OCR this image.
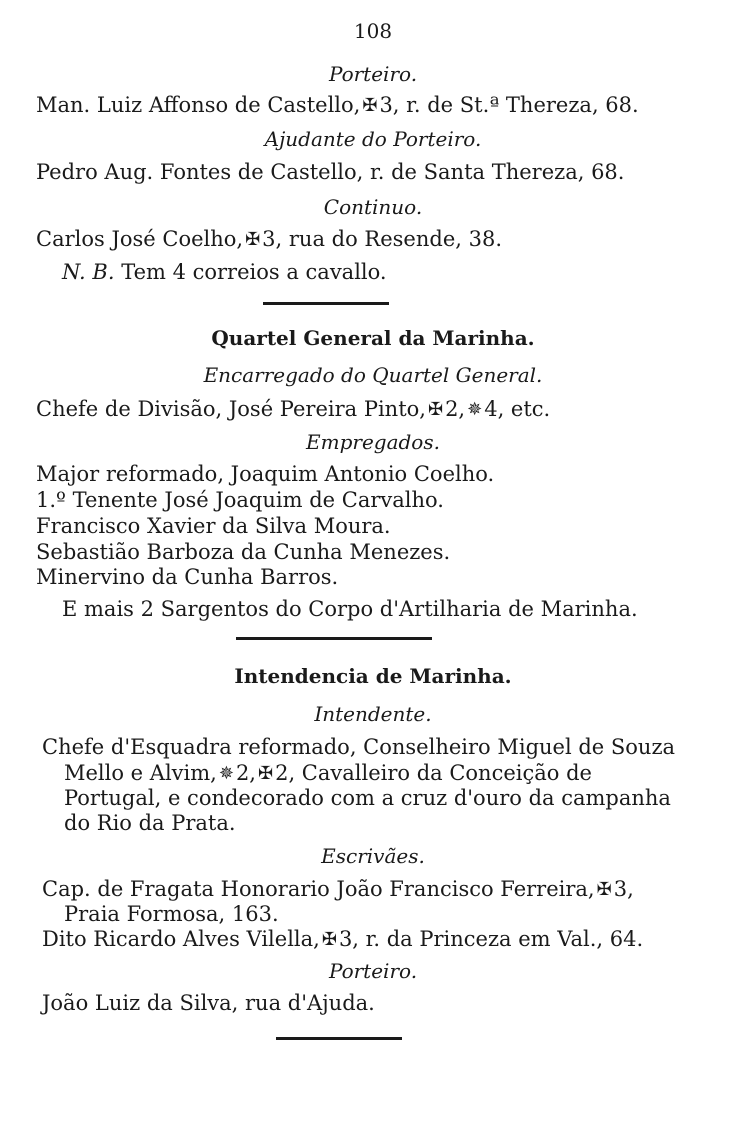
108
Porteiro.
Man. Luiz Affonso de Castello, ✠3, r. de St.ª Thereza, 68.
Ajudante do Porteiro.
Pedro Aug. Fontes de Castello, r. de Santa Thereza, 68.
Continuo.
Carlos José Coelho, ✠3, rua do Resende, 38.
N. B. Tem 4 correios a cavallo.
Quartel General da Marinha.
Encarregado do Quartel General.
Chefe de Divisão, José Pereira Pinto, ✠2, ✵4, etc.
Empregados.
Major reformado, Joaquim Antonio Coelho.
1.º Tenente José Joaquim de Carvalho.
Francisco Xavier da Silva Moura.
Sebastião Barboza da Cunha Menezes.
Minervino da Cunha Barros.
E mais 2 Sargentos do Corpo d'Artilharia de Marinha.
Intendencia de Marinha.
Intendente.
Chefe d'Esquadra reformado, Conselheiro Miguel de Souza
Mello e Alvim, ✵2, ✠2, Cavalleiro da Conceição de
Portugal, e condecorado com a cruz d'ouro da campanha
do Rio da Prata.
Escrivães.
Cap. de Fragata Honorario João Francisco Ferreira, ✠3,
Praia Formosa, 163.
Dito Ricardo Alves Vilella, ✠3, r. da Princeza em Val., 64.
Porteiro.
João Luiz da Silva, rua d'Ajuda.
